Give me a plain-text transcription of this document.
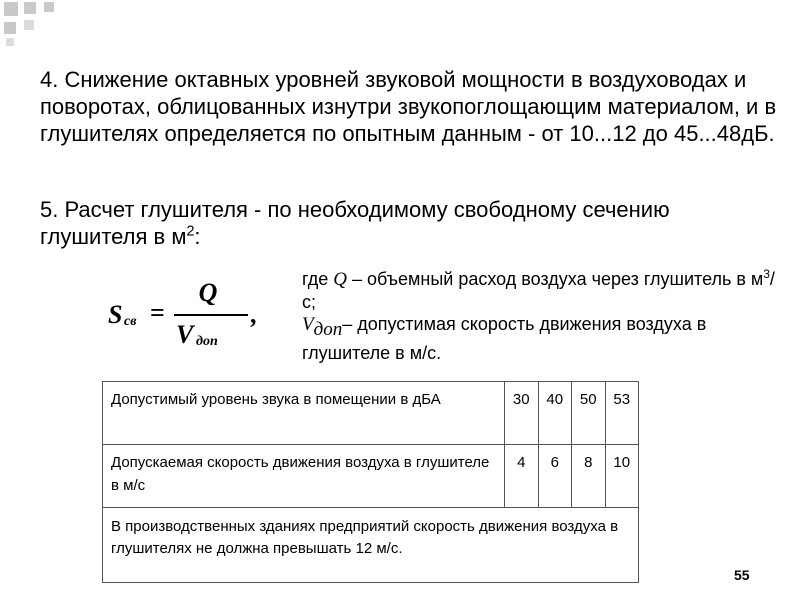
4. Снижение октавных уровней звуковой мощности в воздуховодах и поворотах, облицованных изнутри звукопоглощающим материалом, и в глушителях определяется по опытным данным - от 10...12 до 45...48дБ.
5. Расчет глушителя - по необходимому свободному сечению глушителя в $м^2$:
S св =
Q
V доп
,
где Q – объемный расход воздуха через глушитель в $м^3/с$;
$V_{доп}-$ допустимая скорость движения воздуха в глушителе в м/с.
Допустимый уровень звука в помещении в дБА	30	40	50	53
Допускаемая скорость движения воздуха в глушителе в м/с	4	6	8	10
В производственных зданиях предприятий скорость движения воздуха в глушителях не должна превышать 12 м/с.				
55
